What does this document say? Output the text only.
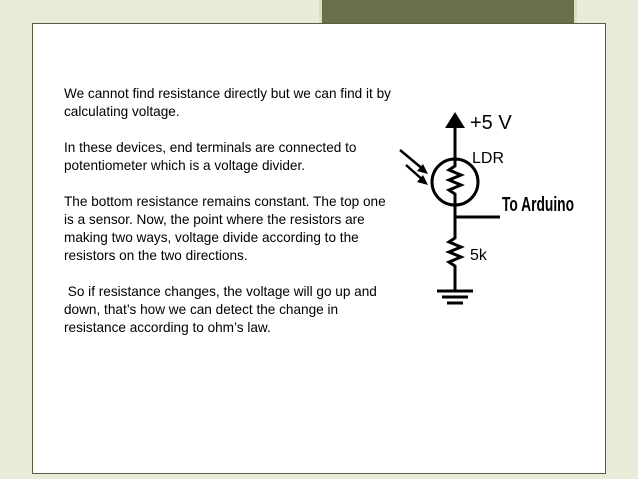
We cannot find resistance directly but we can find it by calculating voltage.

In these devices, end terminals are connected to potentiometer which is a voltage divider.

The bottom resistance remains constant. The top one is a sensor. Now, the point where the resistors are making two ways, voltage divide according to the resistors on the two directions.

So if resistance changes, the voltage will go up and down, that’s how we can detect the change in resistance according to ohm’s law.

+5 V
LDR
To Arduino
5k
